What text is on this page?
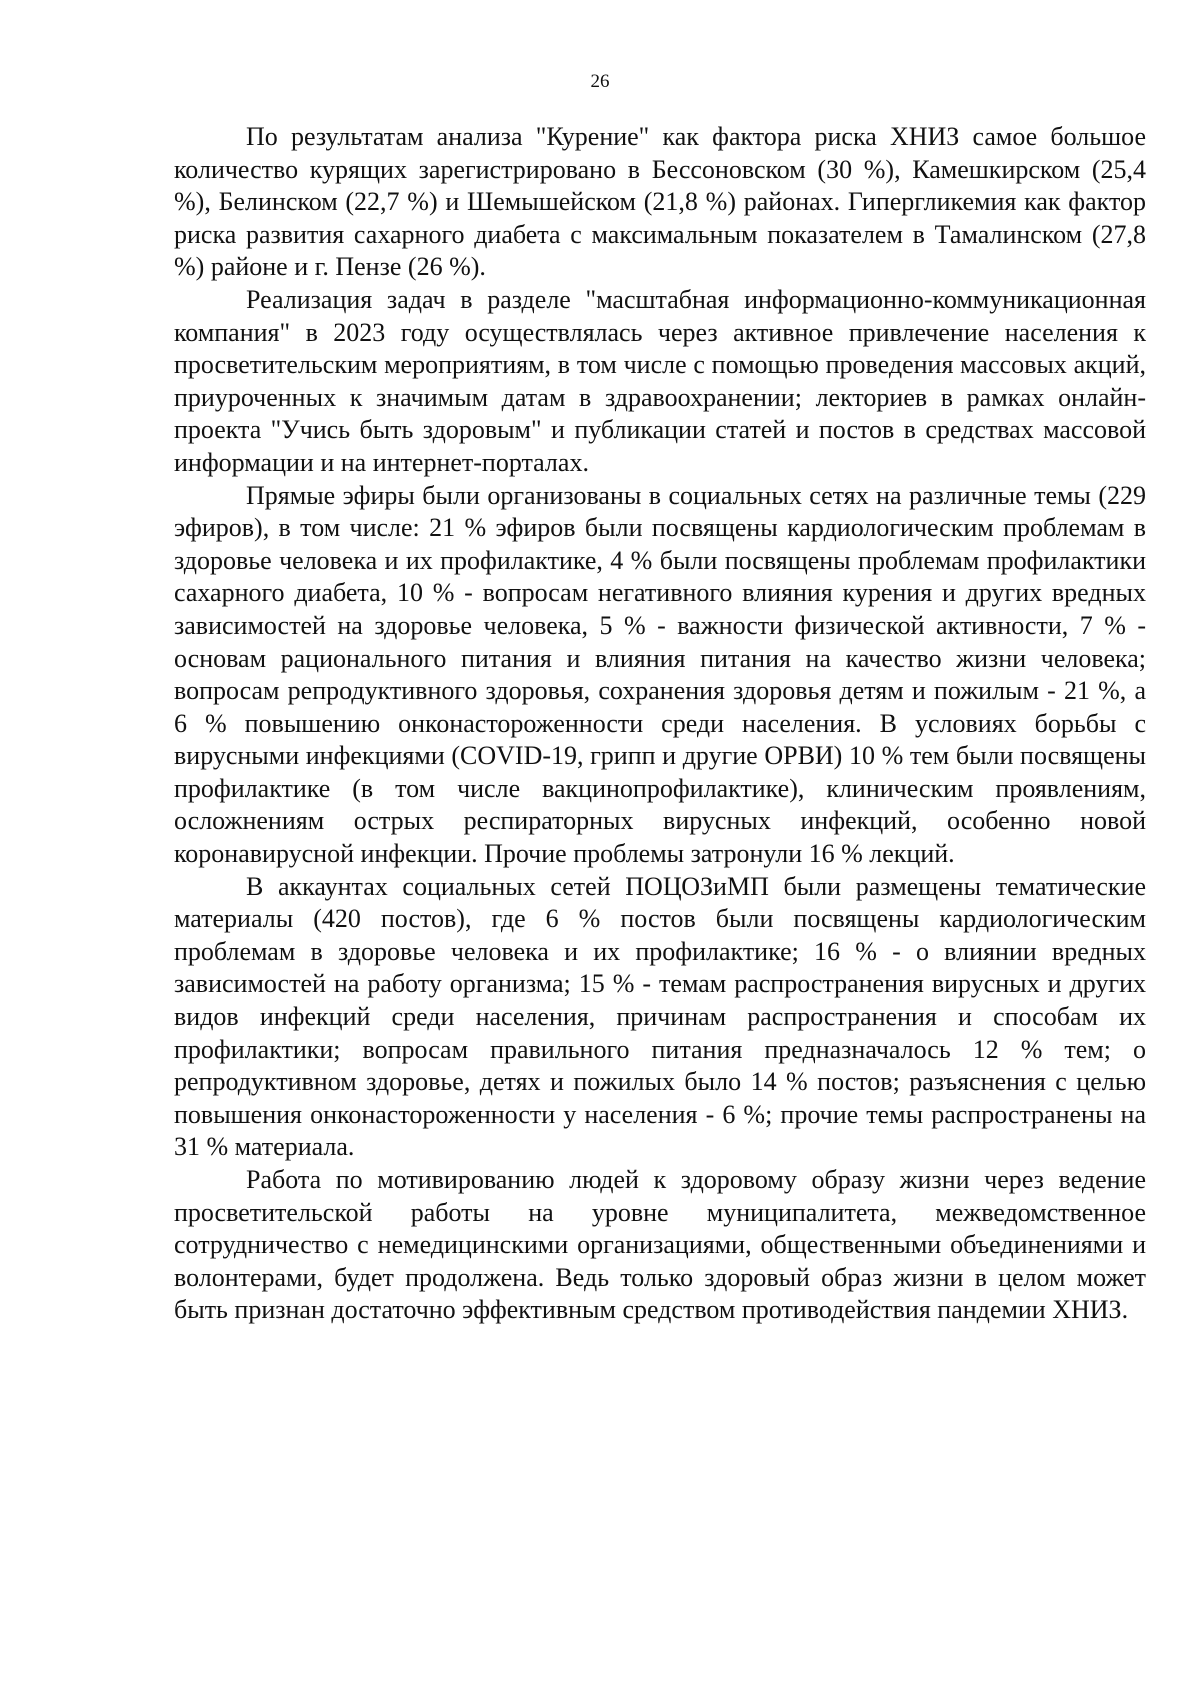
26

По результатам анализа "Курение" как фактора риска ХНИЗ самое большое количество курящих зарегистрировано в Бессоновском (30 %), Камешкирском (25,4 %), Белинском (22,7 %) и Шемышейском (21,8 %) районах. Гипергликемия как фактор риска развития сахарного диабета с максимальным показателем в Тамалинском (27,8 %) районе и г. Пензе (26 %).

Реализация задач в разделе "масштабная информационно-коммуникационная компания" в 2023 году осуществлялась через активное привлечение населения к просветительским мероприятиям, в том числе с помощью проведения массовых акций, приуроченных к значимым датам в здравоохранении; лекториев в рамках онлайн-проекта "Учись быть здоровым" и публикации статей и постов в средствах массовой информации и на интернет-порталах.

Прямые эфиры были организованы в социальных сетях на различные темы (229 эфиров), в том числе: 21 % эфиров были посвящены кардиологическим проблемам в здоровье человека и их профилактике, 4 % были посвящены проблемам профилактики сахарного диабета, 10 % - вопросам негативного влияния курения и других вредных зависимостей на здоровье человека, 5 % - важности физической активности, 7 % - основам рационального питания и влияния питания на качество жизни человека; вопросам репродуктивного здоровья, сохранения здоровья детям и пожилым - 21 %, а 6 % повышению онконастороженности среди населения. В условиях борьбы с вирусными инфекциями (COVID-19, грипп и другие ОРВИ) 10 % тем были посвящены профилактике (в том числе вакцинопрофилактике), клиническим проявлениям, осложнениям острых респираторных вирусных инфекций, особенно новой коронавирусной инфекции. Прочие проблемы затронули 16 % лекций.

В аккаунтах социальных сетей ПОЦОЗиМП были размещены тематические материалы (420 постов), где 6 % постов были посвящены кардиологическим проблемам в здоровье человека и их профилактике; 16 % - о влиянии вредных зависимостей на работу организма; 15 % - темам распространения вирусных и других видов инфекций среди населения, причинам распространения и способам их профилактики; вопросам правильного питания предназначалось 12 % тем; о репродуктивном здоровье, детях и пожилых было 14 % постов; разъяснения с целью повышения онконастороженности у населения - 6 %; прочие темы распространены на 31 % материала.

Работа по мотивированию людей к здоровому образу жизни через ведение просветительской работы на уровне муниципалитета, межведомственное сотрудничество с немедицинскими организациями, общественными объединениями и волонтерами, будет продолжена. Ведь только здоровый образ жизни в целом может быть признан достаточно эффективным средством противодействия пандемии ХНИЗ.
